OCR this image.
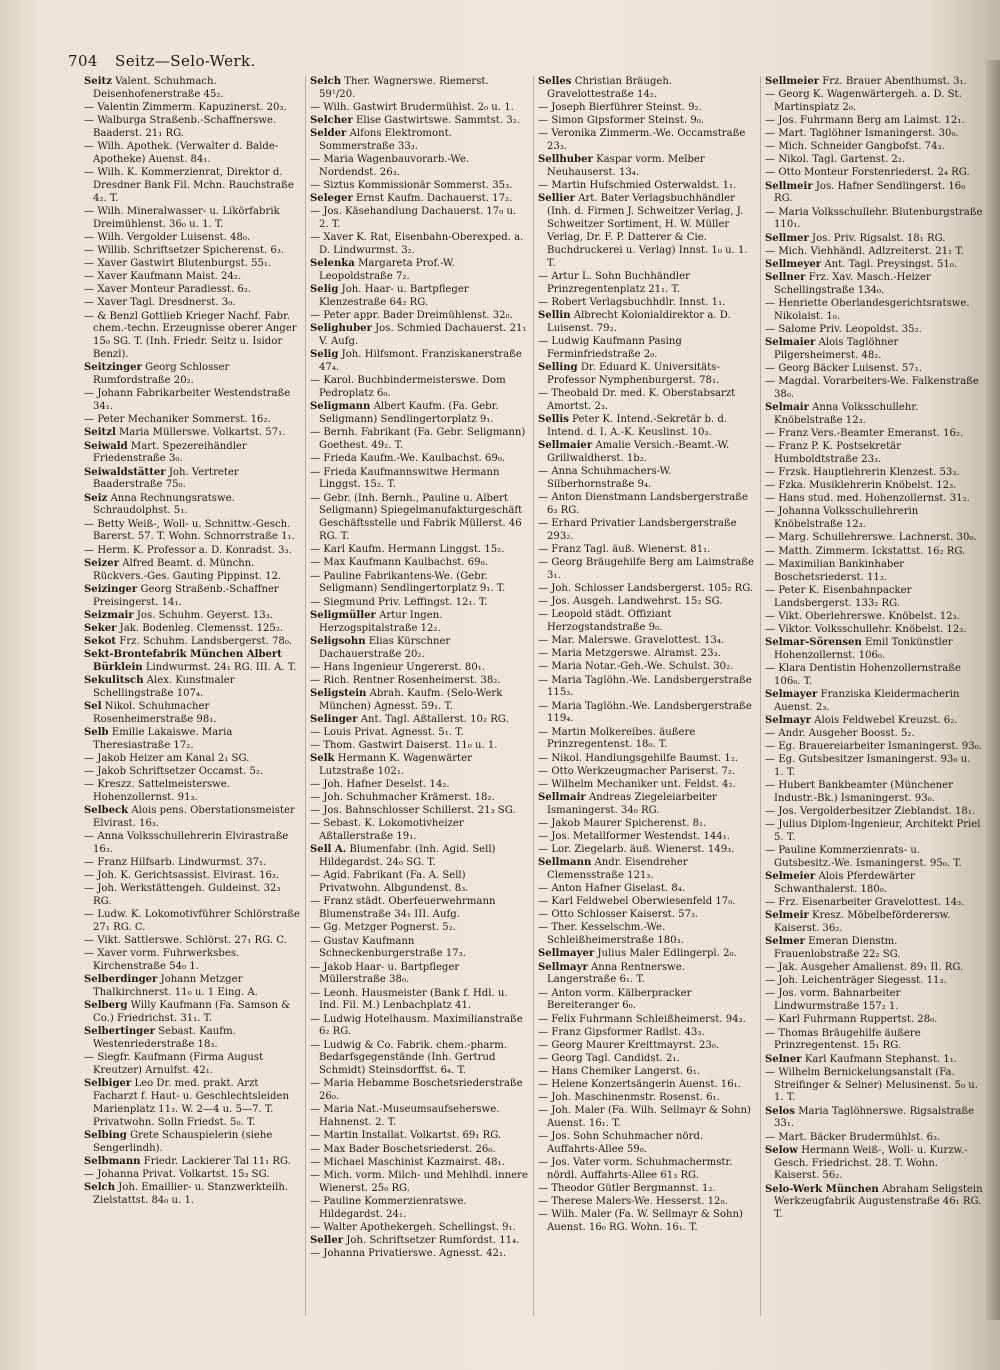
704 Seitz—Selo-Werk.
Seitz Valent. Schuhmach. Deisenhofenerstraße 45₂.
— Valentin Zimmerm. Kapuzinerst. 20₃.
— Walburga Straßenb.-Schaffnerswe. Baaderst. 21₁ RG.
— Wilh. Apothek. (Verwalter d. Balde-Apotheke) Auenst. 84₁.
— Wilh. K. Kommerzienrat, Direktor d. Dresdner Bank Fil. Mchn. Rauchstraße 4₂. T.
— Wilh. Mineralwasser- u. Likörfabrik Dreimühlenst. 36₀ u. 1. T.
— Wilh. Vergolder Luisenst. 48₀.
— Willib. Schriftsetzer Spicherenst. 6₃.
— Xaver Gastwirt Blutenburgst. 55₁.
— Xaver Kaufmann Maist. 24₂.
— Xaver Monteur Paradiesst. 6₂.
— Xaver Tagl. Dresdnerst. 3₀.
— & Benzl Gottlieb Krieger Nachf. Fabr. chem.-techn. Erzeugnisse oberer Anger 15₀ SG. T. (Inh. Friedr. Seitz u. Isidor Benzl).
Seitzinger Georg Schlosser Rumfordstraße 20₂.
— Johann Fabrikarbeiter Westendstraße 34₁.
— Peter Mechaniker Sommerst. 16₂.
Seitzl Maria Müllerswe. Volkartst. 57₁.
Seiwald Mart. Spezereihändler Friedenstraße 3₀.
Seiwaldstätter Joh. Vertreter Baaderstraße 75₀.
Seiz Anna Rechnungsratswe. Schraudolphst. 5₁.
— Betty Weiß-, Woll- u. Schnittw.-Gesch. Barerst. 57. T. Wohn. Schnorrstraße 1₁.
— Herm. K. Professor a. D. Konradst. 3₃.
Seizer Alfred Beamt. d. Münchn. Rückvers.-Ges. Gauting Pippinst. 12.
Seizinger Georg Straßenb.-Schaffner Preisingerst. 14₁.
Seizmair Jos. Schuhm. Geyerst. 13₃.
Seker Jak. Bodenleg. Clemensst. 125₂.
Sekot Frz. Schuhm. Landsbergerst. 78₀.
Sekt-Brontefabrik München Albert Bürklein Lindwurmst. 24₁ RG. III. A. T.
Sekulitsch Alex. Kunstmaler Schellingstraße 107₄.
Sel Nikol. Schuhmacher Rosenheimerstraße 98₁.
Selb Emilie Lakaiswe. Maria Theresiastraße 17₂.
— Jakob Heizer am Kanal 2₁ SG.
— Jakob Schriftsetzer Occamst. 5₂.
— Kreszz. Sattelmeisterswe. Hohenzollernst. 91₃.
Selbeck Alois pens. Oberstationsmeister Elvirast. 16₃.
— Anna Volksschullehrerin Elvirastraße 16₃.
— Franz Hilfsarb. Lindwurmst. 37₁.
— Joh. K. Gerichtsassist. Elvirast. 16₃.
— Joh. Werkstättengeh. Guldeinst. 32₃ RG.
— Ludw. K. Lokomotivführer Schlörstraße 27₁ RG. C.
— Vikt. Sattlerswe. Schlörst. 27₁ RG. C.
— Xaver vorm. Fuhrwerksbes. Kirchenstraße 54₀ 1.
Selberdinger Johann Metzger Thalkirchnerst. 11₀ u. 1 Eing. A.
Selberg Willy Kaufmann (Fa. Samson & Co.) Friedrichst. 31₁. T.
Selbertinger Sebast. Kaufm. Westenriederstraße 18₃.
— Siegfr. Kaufmann (Firma August Kreutzer) Arnulfst. 42₁.
Selbiger Leo Dr. med. prakt. Arzt Facharzt f. Haut- u. Geschlechtsleiden Marienplatz 11₃. W. 2—4 u. 5—7. T. Privatwohn. Solln Friedst. 5₀. T.
Selbing Grete Schauspielerin (siehe Sengerlindh).
Selbmann Friedr. Lackierer Tal 11₁ RG.
— Johanna Privat. Volkartst. 15₃ SG.
Selch Joh. Emaillier- u. Stanzwerkteilh. Zielstattst. 84₀ u. 1.
Selch Ther. Wagnerswe. Riemerst. 59¹/20.
— Wilh. Gastwirt Brudermühlst. 2₀ u. 1.
Selcher Elise Gastwirtswe. Sammtst. 3₂.
Selder Alfons Elektromont. Sommerstraße 33₃.
— Maria Wagenbauvorarb.-We. Nordendst. 26₃.
— Siztus Kommissionär Sommerst. 35₃.
Seleger Ernst Kaufm. Dachauerst. 17₂.
— Jos. Käsehandlung Dachauerst. 17₀ u. 2. T.
— Xaver K. Rat, Eisenbahn-Oberexped. a. D. Lindwurmst. 3₂.
Selenka Margareta Prof.-W. Leopoldstraße 7₂.
Selig Joh. Haar- u. Bartpfleger Klenzestraße 64₂ RG.
— Peter appr. Bader Dreimühlenst. 32₀.
Selighuber Jos. Schmied Dachauerst. 21₁ V. Aufg.
Selig Joh. Hilfsmont. Franziskanerstraße 47₄.
— Karol. Buchbindermeisterswe. Dom Pedroplatz 6₀.
Seligmann Albert Kaufm. (Fa. Gebr. Seligmann) Sendlingertorplatz 9₁.
— Bernh. Fabrikant (Fa. Gebr. Seligmann) Goethest. 49₂. T.
— Frieda Kaufm.-We. Kaulbachst. 69₀.
— Frieda Kaufmannswitwe Hermann Linggst. 15₂. T.
— Gebr. (Inh. Bernh., Pauline u. Albert Seligmann) Spiegelmanufakturgeschäft Geschäftsstelle und Fabrik Müllerst. 46 RG. T.
— Karl Kaufm. Hermann Linggst. 15₂.
— Max Kaufmann Kaulbachst. 69₀.
— Pauline Fabrikantens-We. (Gebr. Seligmann) Sendlingertorplatz 9₁. T.
— Siegmund Priv. Leffingst. 12₁. T.
Seligmüller Artur Ingen. Herzogspitalstraße 12₂.
Seligsohn Elias Kürschner Dachauerstraße 20₂.
— Hans Ingenieur Ungererst. 80₁.
— Rich. Rentner Rosenheimerst. 38₂.
Seligstein Abrah. Kaufm. (Selo-Werk München) Agnesst. 59₁. T.
Selinger Ant. Tagl. Aßtallerst. 10₂ RG.
— Louis Privat. Agnesst. 5₁. T.
— Thom. Gastwirt Daiserst. 11₀ u. 1.
Selk Hermann K. Wagenwärter Lutzstraße 102₁.
— Joh. Hafner Deselst. 14₂.
— Joh. Schuhmacher Krämerst. 18₂.
— Jos. Bahnschlosser Schillerst. 21₃ SG.
— Sebast. K. Lokomotivheizer Aßtallerstraße 19₁.
Sell A. Blumenfabr. (Inh. Agid. Sell) Hildegardst. 24₀ SG. T.
— Agid. Fabrikant (Fa. A. Sell) Privatwohn. Albgundenst. 8₃.
— Franz städt. Oberfeuerwehrmann Blumenstraße 34₁ III. Aufg.
— Gg. Metzger Pognerst. 5₂.
— Gustav Kaufmann Schneckenburgerstraße 17₃.
— Jakob Haar- u. Bartpfleger Müllerstraße 38₀.
— Leonh. Hausmeister (Bank f. Hdl. u. Ind. Fil. M.) Lenbachplatz 41.
— Ludwig Hotelhausm. Maximilianstraße 6₂ RG.
— Ludwig & Co. Fabrik. chem.-pharm. Bedarfsgegenstände (Inh. Gertrud Schmidt) Steinsdorffst. 6₄. T.
— Maria Hebamme Boschetsriederstraße 26₀.
— Maria Nat.-Museumsaufseherswe. Hahnenst. 2. T.
— Martin Installat. Volkartst. 69₁ RG.
— Max Bader Boschetsriederst. 26₀.
— Michael Maschinist Kazmairst. 48₁.
— Mich. vorm. Milch- und Mehlhdl. innere Wienerst. 25₀ RG.
— Pauline Kommerzienratswe. Hildegardst. 24₁.
— Walter Apothekergeh. Schellingst. 9₁.
Seller Joh. Schriftsetzer Rumfordst. 11₄.
— Johanna Privatierswe. Agnesst. 42₁.
Selles Christian Bräugeh. Gravelottestraße 14₂.
— Joseph Bierführer Steinst. 9₂.
— Simon Gipsformer Steinst. 9₀.
— Veronika Zimmerm.-We. Occamstraße 23₃.
Sellhuber Kaspar vorm. Melber Neuhauserst. 13₄.
— Martin Hufschmied Osterwaldst. 1₁.
Sellier Art. Bater Verlagsbuchhändler (Inh. d. Firmen J. Schweitzer Verlag, J. Schweitzer Sortiment, H. W. Müller Verlag, Dr. F. P. Datterer & Cie. Buchdruckerei u. Verlag) Innst. 1₀ u. 1. T.
— Artur L. Sohn Buchhändler Prinzregentenplatz 21₁. T.
— Robert Verlagsbuchhdlr. Innst. 1₁.
Sellin Albrecht Kolonialdirektor a. D. Luisenst. 79₂.
— Ludwig Kaufmann Pasing Ferminfriedstraße 2₀.
Selling Dr. Eduard K. Universitäts-Professor Nymphenburgerst. 78₁.
— Theobald Dr. med. K. Oberstabsarzt Amortst. 2₃.
Sellis Peter K. Intend.-Sekretär b. d. Intend. d. I. A.-K. Keuslinst. 10₃.
Sellmaier Amalie Versich.-Beamt.-W. Grillwaldherst. 1b₂.
— Anna Schuhmachers-W. Silberhornstraße 9₄.
— Anton Dienstmann Landsbergerstraße 6₃ RG.
— Erhard Privatier Landsbergerstraße 293₂.
— Franz Tagl. äuß. Wienerst. 81₁.
— Georg Bräugehilfe Berg am Laimstraße 3₁.
— Joh. Schlosser Landsbergerst. 105₂ RG.
— Jos. Ausgeh. Landwehrst. 15₂ SG.
— Leopold städt. Offiziant Herzogstandstraße 9₀.
— Mar. Malerswe. Gravelottest. 13₄.
— Maria Metzgerswe. Alramst. 23₃.
— Maria Notar.-Geh.-We. Schulst. 30₂.
— Maria Taglöhn.-We. Landsbergerstraße 115₃.
— Maria Taglöhn.-We. Landsbergerstraße 119₄.
— Martin Molkereibes. äußere Prinzregentenst. 18₀. T.
— Nikol. Handlungsgehilfe Baumst. 1₂.
— Otto Werkzeugmacher Pariserst. 7₂.
— Wilhelm Mechaniker unt. Feldst. 4₂.
Sellmair Andreas Ziegeleiarbeiter Ismaningerst. 34₀ RG.
— Jakob Maurer Spicherenst. 8₁.
— Jos. Metallformer Westendst. 144₁.
— Lor. Ziegelarb. äuß. Wienerst. 149₃.
Sellmann Andr. Eisendreher Clemensstraße 121₃.
— Anton Hafner Giselast. 8₄.
— Karl Feldwebel Oberwiesenfeld 17₀.
— Otto Schlosser Kaiserst. 57₃.
— Ther. Kesselschm.-We. Schleißheimerstraße 180₃.
Sellmayer Julius Maler Edlingerpl. 2₀.
Sellmayr Anna Rentnerswe. Langerstraße 6₁. T.
— Anton vorm. Kälberpracker Bereiteranger 6₀.
— Felix Fuhrmann Schleißheimerst. 94₃.
— Franz Gipsformer Radlst. 43₃.
— Georg Maurer Kreittmayrst. 23₀.
— Georg Tagl. Candidst. 2₁.
— Hans Chemiker Langerst. 6₁.
— Helene Konzertsängerin Auenst. 16₁.
— Joh. Maschinenmstr. Rosenst. 6₁.
— Joh. Maler (Fa. Wilh. Sellmayr & Sohn) Auenst. 16₁. T.
— Jos. Sohn Schuhmacher nörd. Auffahrts-Allee 59₀.
— Jos. Vater vorm. Schuhmachermstr. nördl. Auffahrts-Allee 61₃ RG.
— Theodor Gütler Bergmannst. 1₂.
— Therese Malers-We. Hesserst. 12₀.
— Wilh. Maler (Fa. W. Sellmayr & Sohn) Auenst. 16₀ RG. Wohn. 16₁. T.
Sellmeier Frz. Brauer Abenthumst. 3₁.
— Georg K. Wagenwärtergeh. a. D. St. Martinsplatz 2₀.
— Jos. Fuhrmann Berg am Laimst. 12₁.
— Mart. Taglöhner Ismaningerst. 30₀.
— Mich. Schneider Gangbofst. 74₃.
— Nikol. Tagl. Gartenst. 2₂.
— Otto Monteur Forstenriederst. 2₄ RG.
Sellmeir Jos. Hafner Sendlingerst. 16₀ RG.
— Maria Volksschullehr. Blutenburgstraße 110₁.
Sellmer Jos. Priv. Rigsalst. 18₁ RG.
— Mich. Viehhändl. Adlzreiterst. 21₁ T.
Sellmeyer Ant. Tagl. Preysingst. 51₀.
Sellner Frz. Xav. Masch.-Heizer Schellingstraße 134₀.
— Henriette Oberlandesgerichtsratswe. Nikolaist. 1₀.
— Salome Priv. Leopoldst. 35₂.
Selmaier Alois Taglöhner Pilgersheimerst. 48₂.
— Georg Bäcker Luisenst. 57₁.
— Magdal. Vorarbeiters-We. Falkenstraße 38₀.
Selmair Anna Volksschullehr. Knöbelstraße 12₃.
— Franz Vers.-Beamter Emeranst. 16₂.
— Franz P. K. Postsekretär Humboldtstraße 23₃.
— Frzsk. Hauptlehrerin Klenzest. 53₃.
— Fzka. Musiklehrerin Knöbelst. 12₃.
— Hans stud. med. Hohenzollernst. 31₂.
— Johanna Volksschullehrerin Knöbelstraße 12₃.
— Marg. Schullehrerswe. Lachnerst. 30₀.
— Matth. Zimmerm. Ickstattst. 16₂ RG.
— Maximilian Bankinhaber Boschetsriederst. 11₃.
— Peter K. Eisenbahnpacker Landsbergerst. 133₂ RG.
— Vikt. Oberlehrerswe. Knöbelst. 12₃.
— Viktor. Volksschullehr. Knöbelst. 12₃.
Selmar-Sörensen Emil Tonkünstler Hohenzollernst. 106₀.
— Klara Dentistin Hohenzollernstraße 106₀. T.
Selmayer Franziska Kleidermacherin Auenst. 2₃.
Selmayr Alois Feldwebel Kreuzst. 6₂.
— Andr. Ausgeher Boosst. 5₂.
— Eg. Brauereiarbeiter Ismaningerst. 93₀.
— Eg. Gutsbesitzer Ismaningerst. 93₀ u. 1. T.
— Hubert Bankbeamter (Münchener Industr.-Bk.) Ismaningerst. 93₀.
— Jos. Vergolderbesitzer Zieblandst. 18₁.
— Julius Diplom-Ingenieur, Architekt Priel 5. T.
— Pauline Kommerzienrats- u. Gutsbesitz.-We. Ismaningerst. 95₀. T.
Selmeier Alois Pferdewärter Schwanthalerst. 180₀.
— Frz. Eisenarbeiter Gravelottest. 14₃.
Selmeir Kresz. Möbelbeförderersw. Kaiserst. 36₂.
Selmer Emeran Dienstm. Frauenlobstraße 22₂ SG.
— Jak. Ausgeher Amalienst. 89₁ II. RG.
— Joh. Leichenträger Siegesst. 11₃.
— Jos. vorm. Bahnarbeiter Lindwurmstraße 157₂ 1.
— Karl Fuhrmann Ruppertst. 28₀.
— Thomas Bräugehilfe äußere Prinzregentenst. 15₁ RG.
Selner Karl Kaufmann Stephanst. 1₁.
— Wilhelm Bernickelungsanstalt (Fa. Streifinger & Selner) Melusinenst. 5₀ u. 1. T.
Selos Maria Taglöhnerswe. Rigsalstraße 33₁.
— Mart. Bäcker Brudermühlst. 6₃.
Selow Hermann Weiß-, Woll- u. Kurzw.-Gesch. Friedrichst. 28. T. Wohn. Kaiserst. 56₂.
Selo-Werk München Abraham Seligstein Werkzeugfabrik Augustenstraße 46₁ RG. T.
